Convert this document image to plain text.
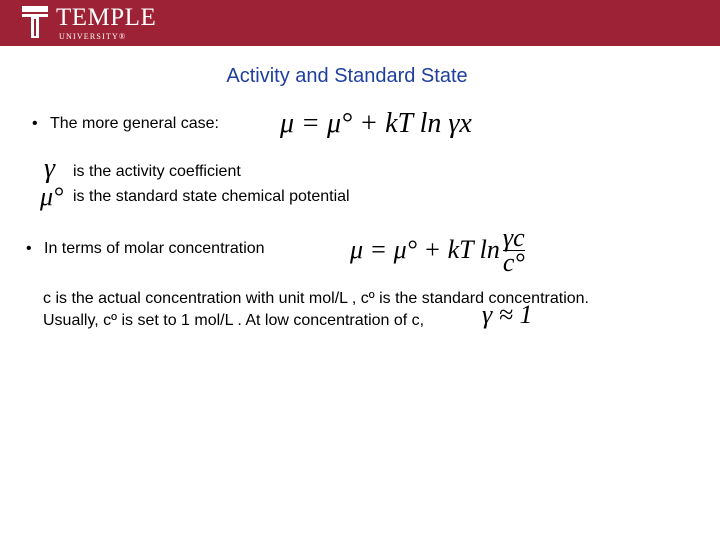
TEMPLE
UNIVERSITY®
Activity and Standard State
• The more general case: μ = μ° + kT ln γx
γ is the activity coefficient
μ° is the standard state chemical potential
• In terms of molar concentration	μ = μ° + kT $\ln \frac{\gamma c}{c^\circ}$
c is the actual concentration with unit mol/L , cº is the standard concentration.
Usually, cº is set to 1 mol/L . At low concentration of c, γ ≈ 1
